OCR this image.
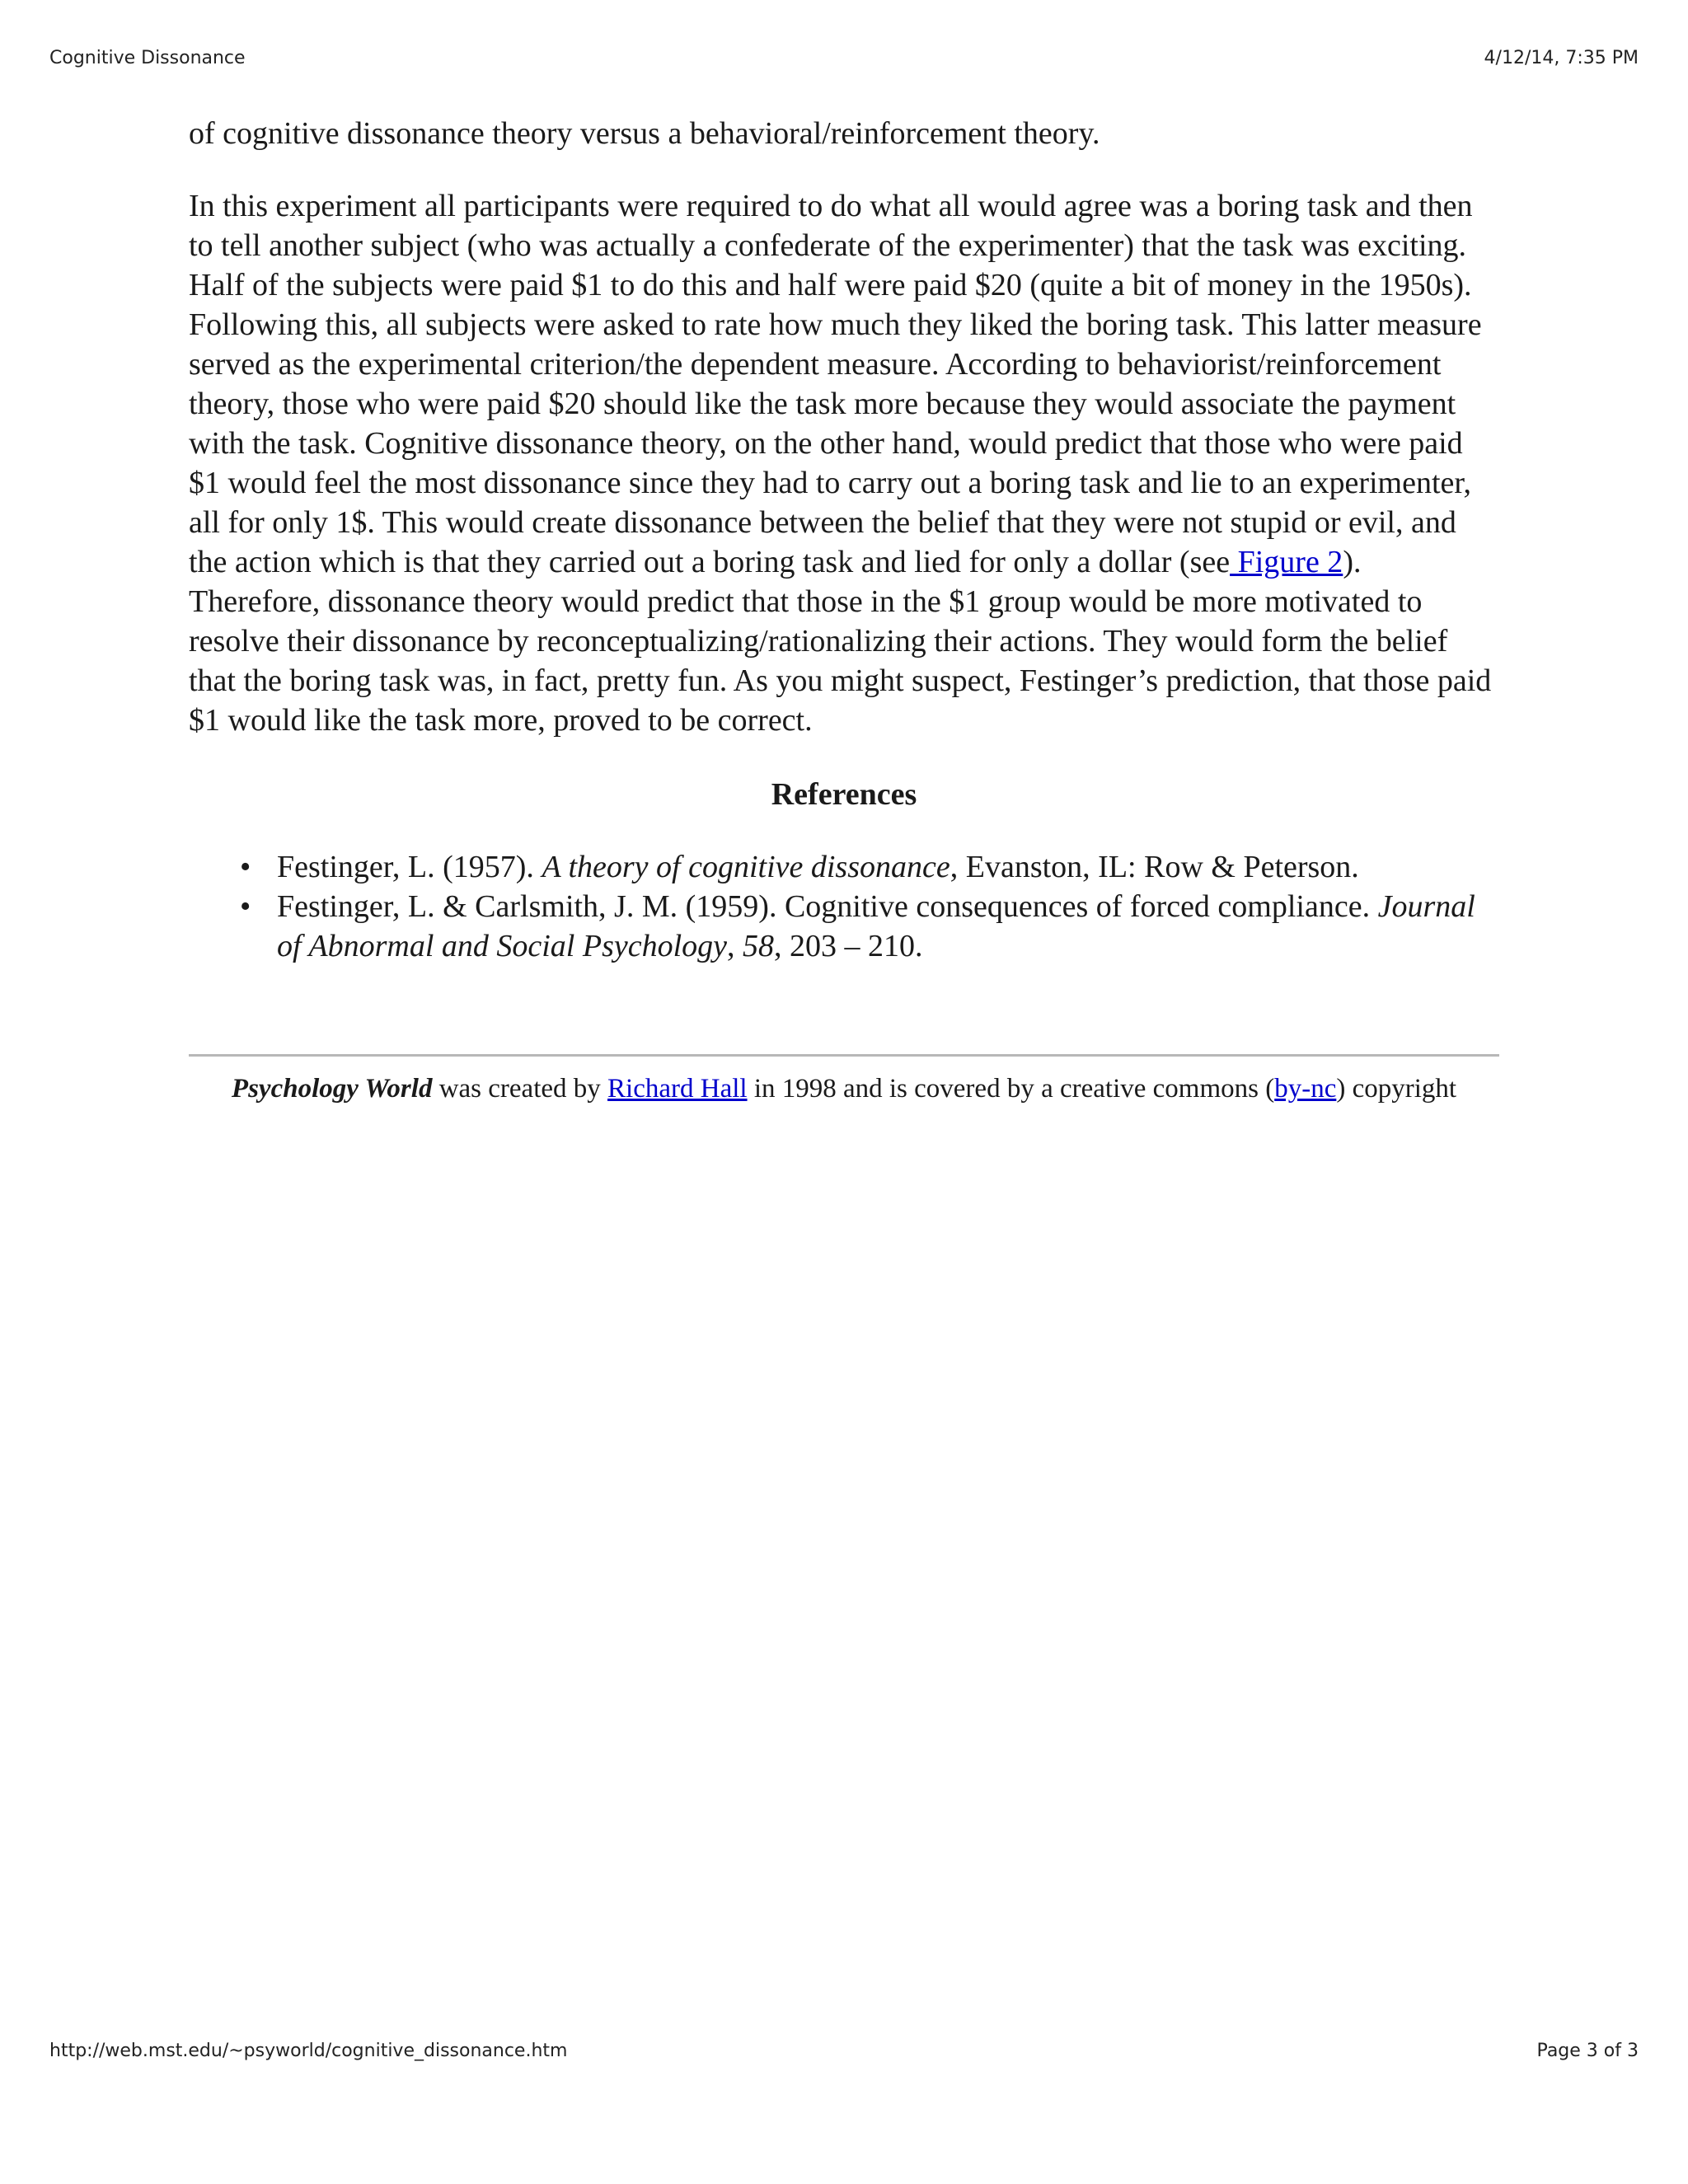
Cognitive Dissonance	4/12/14, 7:35 PM

of cognitive dissonance theory versus a behavioral/reinforcement theory.

In this experiment all participants were required to do what all would agree was a boring task and then to tell another subject (who was actually a confederate of the experimenter) that the task was exciting. Half of the subjects were paid $1 to do this and half were paid $20 (quite a bit of money in the 1950s). Following this, all subjects were asked to rate how much they liked the boring task. This latter measure served as the experimental criterion/the dependent measure. According to behaviorist/reinforcement theory, those who were paid $20 should like the task more because they would associate the payment with the task. Cognitive dissonance theory, on the other hand, would predict that those who were paid $1 would feel the most dissonance since they had to carry out a boring task and lie to an experimenter, all for only 1$. This would create dissonance between the belief that they were not stupid or evil, and the action which is that they carried out a boring task and lied for only a dollar (see Figure 2). Therefore, dissonance theory would predict that those in the $1 group would be more motivated to resolve their dissonance by reconceptualizing/rationalizing their actions. They would form the belief that the boring task was, in fact, pretty fun. As you might suspect, Festinger’s prediction, that those paid $1 would like the task more, proved to be correct.

References
• Festinger, L. (1957). A theory of cognitive dissonance, Evanston, IL: Row & Peterson.
• Festinger, L. & Carlsmith, J. M. (1959). Cognitive consequences of forced compliance. Journal of Abnormal and Social Psychology, 58, 203 – 210.

Psychology World was created by Richard Hall in 1998 and is covered by a creative commons (by-nc) copyright

http://web.mst.edu/~psyworld/cognitive_dissonance.htm	Page 3 of 3
